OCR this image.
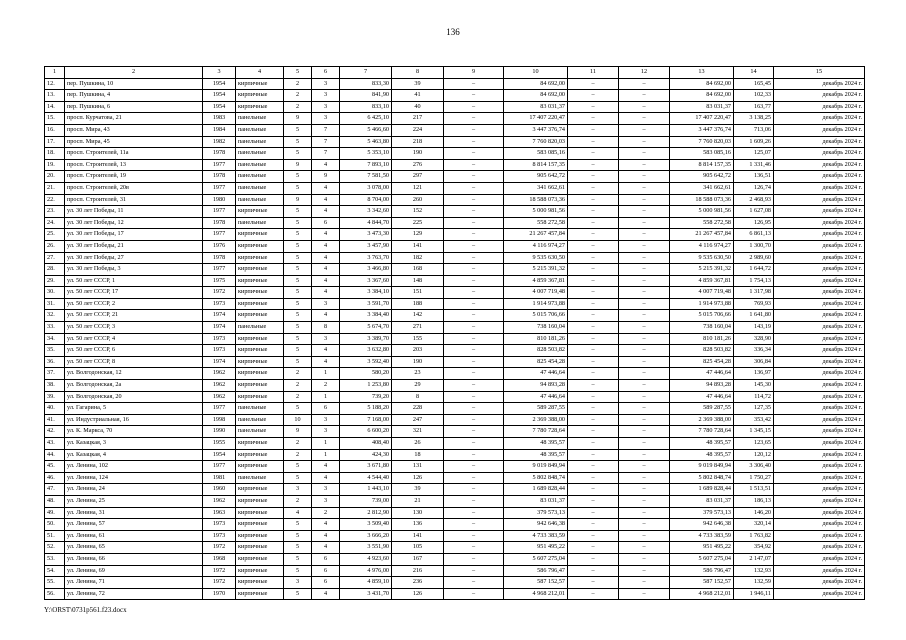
136
1	2	3	4	5	6	7	8	9	10	11	12	13	14	15
12.	пер. Пушкина, 10	1954	кирпичные	2	3	833,30	39	–	84 692,00	–	–	84 692,00	165,45	декабрь 2024 г.
13.	пер. Пушкина, 4	1954	кирпичные	2	3	841,90	41	–	84 692,00	–	–	84 692,00	102,33	декабрь 2024 г.
14.	пер. Пушкина, 6	1954	кирпичные	2	3	833,10	40	–	83 031,37	–	–	83 031,37	163,77	декабрь 2024 г.
15.	просп. Курчатова, 21	1983	панельные	9	3	6 425,10	217	–	17 407 220,47	–	–	17 407 220,47	3 138,25	декабрь 2024 г.
16.	просп. Мира, 43	1984	панельные	5	7	5 466,60	224	–	3 447 376,74	–	–	3 447 376,74	713,06	декабрь 2024 г.
17.	просп. Мира, 45	1982	панельные	5	7	5 463,80	218	–	7 760 820,03	–	–	7 760 820,03	1 609,26	декабрь 2024 г.
18.	просп. Строителей, 11а	1978	панельные	5	7	5 353,10	190	–	583 085,16	–	–	583 085,16	125,07	декабрь 2024 г.
19.	просп. Строителей, 13	1977	панельные	9	4	7 893,10	276	–	8 814 157,35	–	–	8 814 157,35	1 331,46	декабрь 2024 г.
20.	просп. Строителей, 19	1978	панельные	5	9	7 581,50	297	–	905 642,72	–	–	905 642,72	136,51	декабрь 2024 г.
21.	просп. Строителей, 20в	1977	панельные	5	4	3 078,00	121	–	341 662,61	–	–	341 662,61	126,74	декабрь 2024 г.
22.	просп. Строителей, 31	1980	панельные	9	4	8 704,00	260	–	18 588 073,36	–	–	18 588 073,36	2 468,93	декабрь 2024 г.
23.	ул. 30 лет Победы, 11	1977	кирпичные	5	4	3 342,60	152	–	5 000 981,56	–	–	5 000 981,56	1 627,08	декабрь 2024 г.
24.	ул. 30 лет Победы, 12	1978	панельные	5	6	4 844,70	225	–	558 272,58	–	–	558 272,58	126,95	декабрь 2024 г.
25.	ул. 30 лет Победы, 17	1977	кирпичные	5	4	3 473,30	129	–	21 267 457,84	–	–	21 267 457,84	6 861,13	декабрь 2024 г.
26.	ул. 30 лет Победы, 21	1976	кирпичные	5	4	3 457,90	141	–	4 116 974,27	–	–	4 116 974,27	1 300,70	декабрь 2024 г.
27.	ул. 30 лет Победы, 27	1978	кирпичные	5	4	3 763,70	182	–	9 535 630,50	–	–	9 535 630,50	2 989,60	декабрь 2024 г.
28.	ул. 30 лет Победы, 3	1977	кирпичные	5	4	3 466,80	168	–	5 215 391,32	–	–	5 215 391,32	1 644,72	декабрь 2024 г.
29.	ул. 50 лет СССР, 1	1975	кирпичные	5	4	3 367,60	148	–	4 859 367,81	–	–	4 859 367,81	1 754,13	декабрь 2024 г.
30.	ул. 50 лет СССР, 17	1972	кирпичные	5	4	3 384,10	151	–	4 007 719,48	–	–	4 007 719,48	1 317,98	декабрь 2024 г.
31.	ул. 50 лет СССР, 2	1973	кирпичные	5	3	3 591,70	188	–	1 914 973,88	–	–	1 914 973,88	769,93	декабрь 2024 г.
32.	ул. 50 лет СССР, 21	1974	кирпичные	5	4	3 384,40	142	–	5 015 706,66	–	–	5 015 706,66	1 641,80	декабрь 2024 г.
33.	ул. 50 лет СССР, 3	1974	панельные	5	8	5 674,70	271	–	738 160,04	–	–	738 160,04	143,19	декабрь 2024 г.
34.	ул. 50 лет СССР, 4	1973	кирпичные	5	3	3 389,70	155	–	810 181,26	–	–	810 181,26	328,90	декабрь 2024 г.
35.	ул. 50 лет СССР, 6	1973	кирпичные	5	4	3 632,80	203	–	828 503,82	–	–	828 503,82	336,34	декабрь 2024 г.
36.	ул. 50 лет СССР, 8	1974	кирпичные	5	4	3 592,40	190	–	825 454,28	–	–	825 454,28	306,84	декабрь 2024 г.
37.	ул. Волгодонская, 12	1962	кирпичные	2	1	580,20	23	–	47 446,64	–	–	47 446,64	136,97	декабрь 2024 г.
38.	ул. Волгодонская, 2а	1962	кирпичные	2	2	1 253,80	29	–	94 893,28	–	–	94 893,28	145,30	декабрь 2024 г.
39.	ул. Волгодонская, 20	1962	кирпичные	2	1	739,20	8	–	47 446,64	–	–	47 446,64	114,72	декабрь 2024 г.
40.	ул. Гагарина, 5	1977	панельные	5	6	5 188,20	228	–	589 287,55	–	–	589 287,55	127,35	декабрь 2024 г.
41.	ул. Индустриальная, 16	1998	панельные	10	3	7 168,00	247	–	2 369 388,00	–	–	2 369 388,00	353,42	декабрь 2024 г.
42.	ул. К. Маркса, 70	1990	панельные	9	3	6 600,20	321	–	7 780 728,64	–	–	7 780 728,64	1 345,15	декабрь 2024 г.
43.	ул. Казацкая, 3	1955	кирпичные	2	1	408,40	26	–	48 395,57	–	–	48 395,57	123,65	декабрь 2024 г.
44.	ул. Казацкая, 4	1954	кирпичные	2	1	424,30	18	–	48 395,57	–	–	48 395,57	120,12	декабрь 2024 г.
45.	ул. Ленина, 102	1977	кирпичные	5	4	3 671,80	131	–	9 019 849,94	–	–	9 019 849,94	3 306,40	декабрь 2024 г.
46.	ул. Ленина, 124	1981	панельные	5	4	4 544,40	126	–	5 802 848,74	–	–	5 802 848,74	1 750,27	декабрь 2024 г.
47.	ул. Ленина, 24	1960	кирпичные	3	3	1 443,10	39	–	1 689 828,44	–	–	1 689 828,44	1 513,51	декабрь 2024 г.
48.	ул. Ленина, 25	1962	кирпичные	2	3	739,00	21	–	83 031,37	–	–	83 031,37	186,13	декабрь 2024 г.
49.	ул. Ленина, 31	1963	кирпичные	4	2	2 812,90	130	–	379 573,13	–	–	379 573,13	146,20	декабрь 2024 г.
50.	ул. Ленина, 57	1973	кирпичные	5	4	3 509,40	136	–	942 646,38	–	–	942 646,38	320,14	декабрь 2024 г.
51.	ул. Ленина, 61	1973	кирпичные	5	4	3 666,20	141	–	4 733 383,59	–	–	4 733 383,59	1 763,82	декабрь 2024 г.
52.	ул. Ленина, 65	1972	кирпичные	5	4	3 551,90	105	–	951 495,22	–	–	951 495,22	354,92	декабрь 2024 г.
53.	ул. Ленина, 66	1968	кирпичные	5	6	4 923,60	167	–	5 607 275,04	–	–	5 607 275,04	2 147,07	декабрь 2024 г.
54.	ул. Ленина, 69	1972	кирпичные	5	6	4 976,00	216	–	586 796,47	–	–	586 796,47	132,93	декабрь 2024 г.
55.	ул. Ленина, 71	1972	кирпичные	3	6	4 859,10	236	–	587 152,57	–	–	587 152,57	132,59	декабрь 2024 г.
56.	ул. Ленина, 72	1970	кирпичные	5	4	3 431,70	126	–	4 968 212,01	–	–	4 968 212,01	1 946,11	декабрь 2024 г.
Y:\ORST\0731p561.f23.docx
